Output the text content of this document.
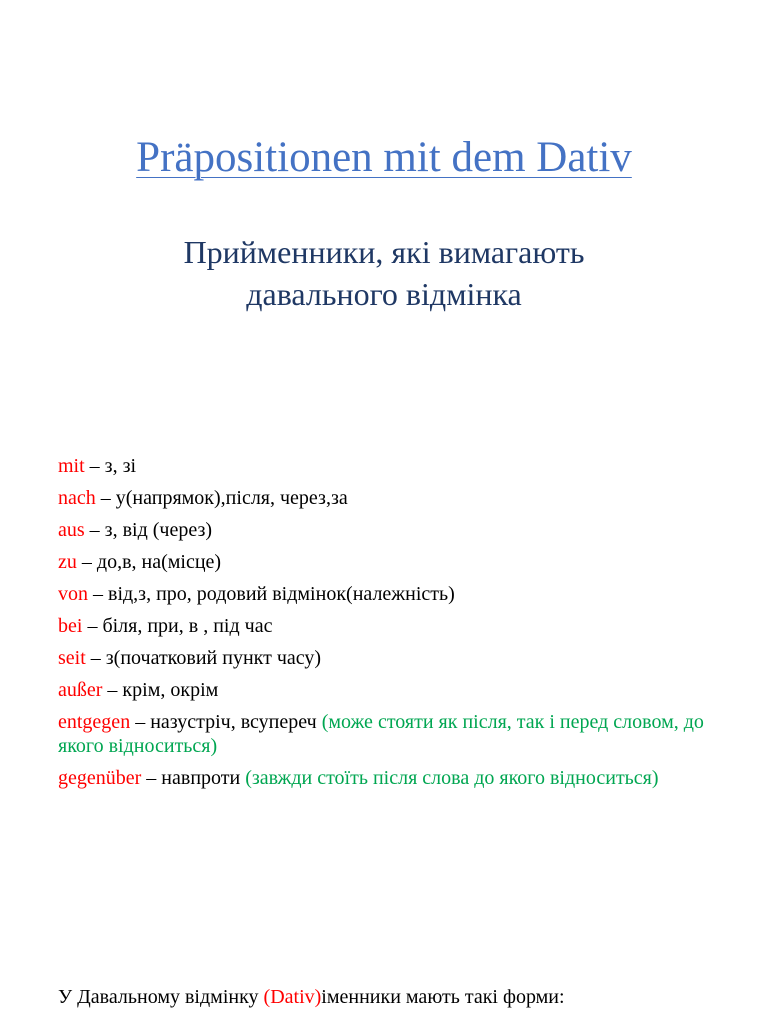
Präpositionen mit dem Dativ
Прийменники, які вимагають
давального відмінка
mit – з, зі
nach – у(напрямок),після, через,за
aus – з, від (через)
zu – до,в, на(місце)
von – від,з, про, родовий відмінок(належність)
bei – біля, при, в , під час
seit – з(початковий пункт часу)
außer – крім, окрім
entgegen – назустріч, всупереч (може стояти як після, так і перед словом, до якого відноситься)
gegenüber – навпроти (завжди стоїть після слова до якого відноситься)
У Давальному відмінку (Dativ)іменники мають такі форми:
